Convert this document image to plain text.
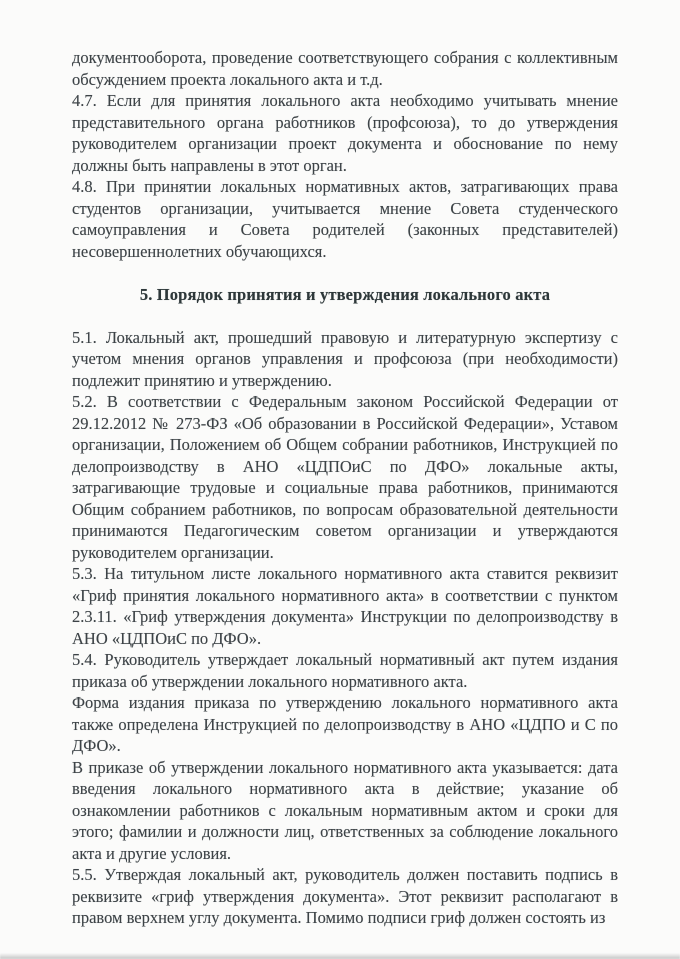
документооборота, проведение соответствующего собрания с коллективным обсуждением проекта локального акта и т.д.

4.7. Если для принятия локального акта необходимо учитывать мнение представительного органа работников (профсоюза), то до утверждения руководителем организации проект документа и обоснование по нему должны быть направлены в этот орган.

4.8. При принятии локальных нормативных актов, затрагивающих права студентов организации, учитывается мнение Совета студенческого самоуправления и Совета родителей (законных представителей) несовершеннолетних обучающихся.

5. Порядок принятия и утверждения локального акта

5.1. Локальный акт, прошедший правовую и литературную экспертизу с учетом мнения органов управления и профсоюза (при необходимости) подлежит принятию и утверждению.

5.2. В соответствии с Федеральным законом Российской Федерации от 29.12.2012 № 273-ФЗ «Об образовании в Российской Федерации», Уставом организации, Положением об Общем собрании работников, Инструкцией по делопроизводству в АНО «ЦДПОиС по ДФО» локальные акты, затрагивающие трудовые и социальные права работников, принимаются Общим собранием работников, по вопросам образовательной деятельности принимаются Педагогическим советом организации и утверждаются руководителем организации.

5.3. На титульном листе локального нормативного акта ставится реквизит «Гриф принятия локального нормативного акта» в соответствии с пунктом 2.3.11. «Гриф утверждения документа» Инструкции по делопроизводству в АНО «ЦДПОиС по ДФО».

5.4. Руководитель утверждает локальный нормативный акт путем издания приказа об утверждении локального нормативного акта.

Форма издания приказа по утверждению локального нормативного акта также определена Инструкцией по делопроизводству в АНО «ЦДПО и С по ДФО».

В приказе об утверждении локального нормативного акта указывается: дата введения локального нормативного акта в действие; указание об ознакомлении работников с локальным нормативным актом и сроки для этого; фамилии и должности лиц, ответственных за соблюдение локального акта и другие условия.

5.5. Утверждая локальный акт, руководитель должен поставить подпись в реквизите «гриф утверждения документа». Этот реквизит располагают в правом верхнем углу документа. Помимо подписи гриф должен состоять из
